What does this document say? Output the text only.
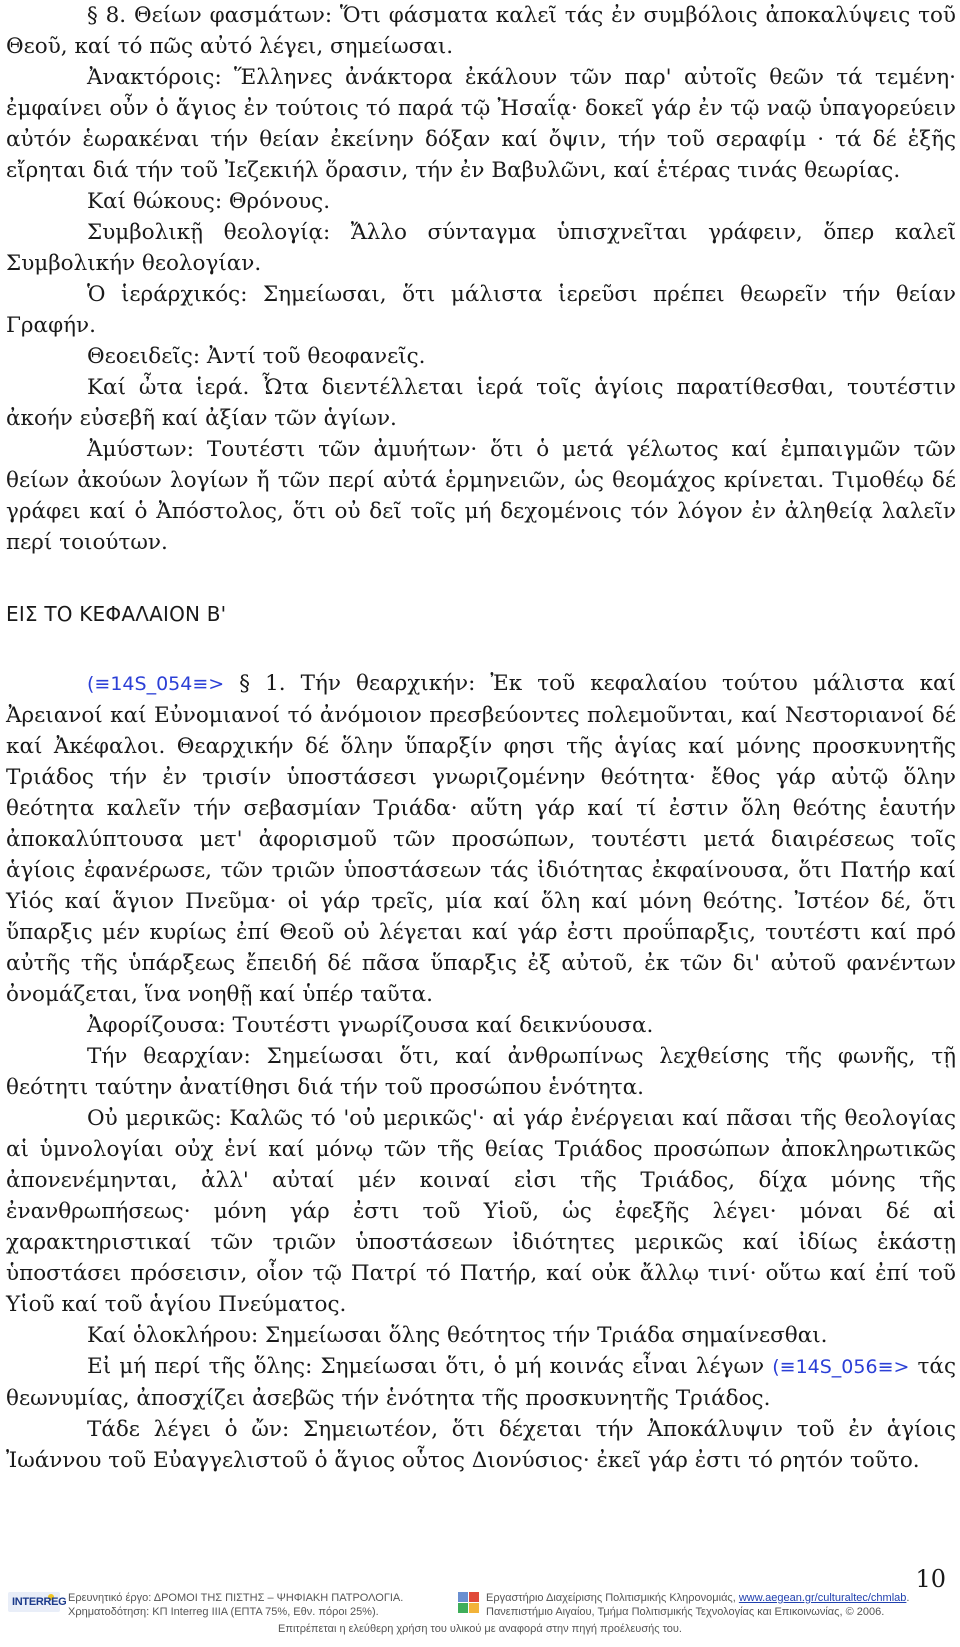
§ 8. Θείων φασμάτων: Ὅτι φάσματα καλεῖ τάς ἐν συμβόλοις ἀποκαλύψεις τοῦ Θεοῦ, καί τό πῶς αὐτό λέγει, σημείωσαι.

Ἀνακτόροις: Ἕλληνες ἀνάκτορα ἐκάλουν τῶν παρ' αὐτοῖς θεῶν τά τεμένη· ἐμφαίνει οὖν ὁ ἅγιος ἐν τούτοις τό παρά τῷ Ἠσαΐᾳ· δοκεῖ γάρ ἐν τῷ ναῷ ὑπαγορεύειν αὐτόν ἑωρακέναι τήν θείαν ἐκείνην δόξαν καί ὄψιν, τήν τοῦ σεραφίμ · τά δέ ἑξῆς εἴρηται διά τήν τοῦ Ἰεζεκιήλ ὅρασιν, τήν ἐν Βαβυλῶνι, καί ἑτέρας τινάς θεωρίας.

Καί θώκους: Θρόνους.

Συμβολικῇ θεολογίᾳ: Ἄλλο σύνταγμα ὑπισχνεῖται γράφειν, ὅπερ καλεῖ Συμβολικήν θεολογίαν.

Ὁ ἱεράρχικός: Σημείωσαι, ὅτι μάλιστα ἱερεῦσι πρέπει θεωρεῖν τήν θείαν Γραφήν.

Θεοειδεῖς: Ἀντί τοῦ θεοφανεῖς.

Καί ὦτα ἱερά. Ὦτα διεντέλλεται ἱερά τοῖς ἁγίοις παρατίθεσθαι, τουτέστιν ἀκοήν εὐσεβῆ καί ἀξίαν τῶν ἁγίων.

Ἀμύστων: Τουτέστι τῶν ἀμυήτων· ὅτι ὁ μετά γέλωτος καί ἐμπαιγμῶν τῶν θείων ἀκούων λογίων ἤ τῶν περί αὐτά ἑρμηνειῶν, ὡς θεομάχος κρίνεται. Τιμοθέῳ δέ γράφει καί ὁ Ἀπόστολος, ὅτι οὐ δεῖ τοῖς μή δεχομένοις τόν λόγον ἐν ἀληθείᾳ λαλεῖν περί τοιούτων.

ΕΙΣ ΤΟ ΚΕΦΑΛΑΙΟΝ Β'

(≡14S_054≡> § 1. Τήν θεαρχικήν: Ἐκ τοῦ κεφαλαίου τούτου μάλιστα καί Ἀρειανοί καί Εὐνομιανοί τό ἀνόμοιον πρεσβεύοντες πολεμοῦνται, καί Νεστοριανοί δέ καί Ἀκέφαλοι. Θεαρχικήν δέ ὅλην ὕπαρξίν φησι τῆς ἁγίας καί μόνης προσκυνητῆς Τριάδος τήν ἐν τρισίν ὑποστάσεσι γνωριζομένην θεότητα· ἔθος γάρ αὐτῷ ὅλην θεότητα καλεῖν τήν σεβασμίαν Τριάδα· αὕτη γάρ καί τί ἐστιν ὅλη θεότης ἑαυτήν ἀποκαλύπτουσα μετ' ἀφορισμοῦ τῶν προσώπων, τουτέστι μετά διαιρέσεως τοῖς ἁγίοις ἐφανέρωσε, τῶν τριῶν ὑποστάσεων τάς ἰδιότητας ἐκφαίνουσα, ὅτι Πατήρ καί Υἱός καί ἅγιον Πνεῦμα· οἱ γάρ τρεῖς, μία καί ὅλη καί μόνη θεότης. Ἰστέον δέ, ὅτι ὕπαρξις μέν κυρίως ἐπί Θεοῦ οὐ λέγεται καί γάρ ἐστι προΰπαρξις, τουτέστι καί πρό αὐτῆς τῆς ὑπάρξεως ἔπειδή δέ πᾶσα ὕπαρξις ἐξ αὐτοῦ, ἐκ τῶν δι' αὐτοῦ φανέντων ὀνομάζεται, ἵνα νοηθῇ καί ὑπέρ ταῦτα.

Ἀφορίζουσα: Τουτέστι γνωρίζουσα καί δεικνύουσα.

Τήν θεαρχίαν: Σημείωσαι ὅτι, καί ἀνθρωπίνως λεχθείσης τῆς φωνῆς, τῇ θεότητι ταύτην ἀνατίθησι διά τήν τοῦ προσώπου ἑνότητα.

Οὐ μερικῶς: Καλῶς τό 'οὐ μερικῶς'· αἱ γάρ ἐνέργειαι καί πᾶσαι τῆς θεολογίας αἱ ὑμνολογίαι οὐχ ἑνί καί μόνῳ τῶν τῆς θείας Τριάδος προσώπων ἀποκληρωτικῶς ἀπονενέμηνται, ἀλλ' αὐταί μέν κοιναί εἰσι τῆς Τριάδος, δίχα μόνης τῆς ἐνανθρωπήσεως· μόνη γάρ ἐστι τοῦ Υἱοῦ, ὡς ἐφεξῆς λέγει· μόναι δέ αἱ χαρακτηριστικαί τῶν τριῶν ὑποστάσεων ἰδιότητες μερικῶς καί ἰδίως ἑκάστῃ ὑποστάσει πρόσεισιν, οἷον τῷ Πατρί τό Πατήρ, καί οὐκ ἄλλῳ τινί· οὕτω καί ἐπί τοῦ Υἱοῦ καί τοῦ ἁγίου Πνεύματος.

Καί ὁλοκλήρου: Σημείωσαι ὅλης θεότητος τήν Τριάδα σημαίνεσθαι.

Εἰ μή περί τῆς ὅλης: Σημείωσαι ὅτι, ὁ μή κοινάς εἶναι λέγων (≡14S_056≡> τάς θεωνυμίας, ἀποσχίζει ἀσεβῶς τήν ἑνότητα τῆς προσκυνητῆς Τριάδος.

Τάδε λέγει ὁ ὤν: Σημειωτέον, ὅτι δέχεται τήν Ἀποκάλυψιν τοῦ ἐν ἁγίοις Ἰωάννου τοῦ Εὐαγγελιστοῦ ὁ ἅγιος οὗτος Διονύσιος· ἐκεῖ γάρ ἐστι τό ρητόν τοῦτο.

10
INTERREG Ερευνητικό έργο: ΔΡΟΜΟΙ ΤΗΣ ΠΙΣΤΗΣ – ΨΗΦΙΑΚΗ ΠΑΤΡΟΛΟΓΙΑ.
Χρηματοδότηση: ΚΠ Interreg IIIA (ΕΠΤΑ 75%, Εθν. πόρoι 25%).
Εργαστήριο Διαχείρισης Πολιτισμικής Κληρονομιάς, www.aegean.gr/culturaltec/chmlab.
Πανεπιστήμιο Αιγαίου, Τμήμα Πολιτισμικής Τεχνολογίας και Επικοινωνίας, © 2006.
Επιτρέπεται η ελεύθερη χρήση του υλικού με αναφορά στην πηγή προέλευσής του.
